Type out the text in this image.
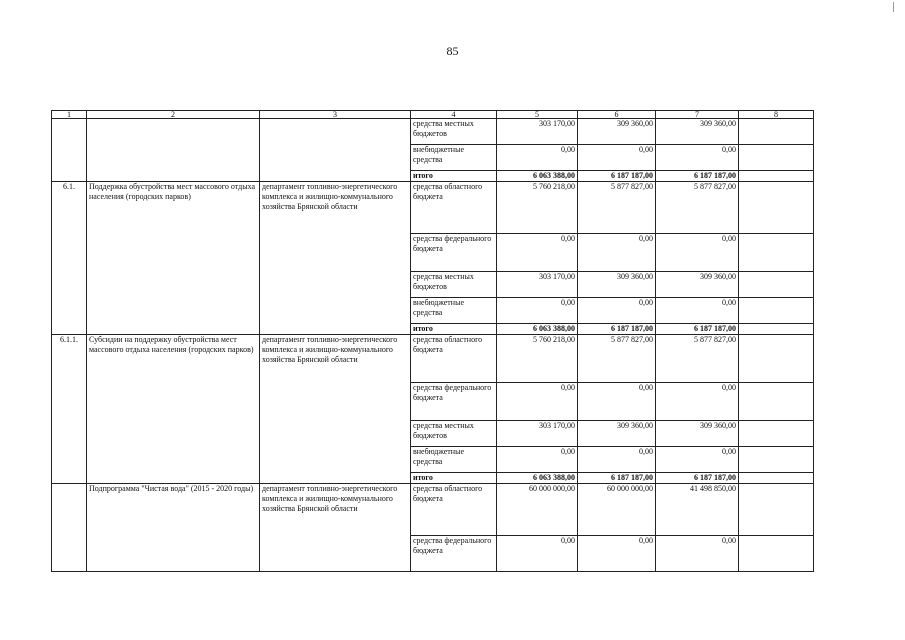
85
1	2	3	4	5	6	7	8
			средства местных бюджетов	303 170,00	309 360,00	309 360,00	
			внебюджетные средства	0,00	0,00	0,00	
			итого	6 063 388,00	6 187 187,00	6 187 187,00	
6.1.	Поддержка обустройства мест массового отдыха населения (городских парков)	департамент топливно-энергетического комплекса и жилищно-коммунального хозяйства Брянской области	средства областного бюджета	5 760 218,00	5 877 827,00	5 877 827,00	
			средства федерального бюджета	0,00	0,00	0,00	
			средства местных бюджетов	303 170,00	309 360,00	309 360,00	
			внебюджетные средства	0,00	0,00	0,00	
			итого	6 063 388,00	6 187 187,00	6 187 187,00	
6.1.1.	Субсидии на поддержку обустройства мест массового отдыха населения (городских парков)	департамент топливно-энергетического комплекса и жилищно-коммунального хозяйства Брянской области	средства областного бюджета	5 760 218,00	5 877 827,00	5 877 827,00	
			средства федерального бюджета	0,00	0,00	0,00	
			средства местных бюджетов	303 170,00	309 360,00	309 360,00	
			внебюджетные средства	0,00	0,00	0,00	
			итого	6 063 388,00	6 187 187,00	6 187 187,00	
	Подпрограмма "Чистая вода" (2015 - 2020 годы)	департамент топливно-энергетического комплекса и жилищно-коммунального хозяйства Брянской области	средства областного бюджета	60 000 000,00	60 000 000,00	41 498 850,00	
			средства федерального бюджета	0,00	0,00	0,00	
